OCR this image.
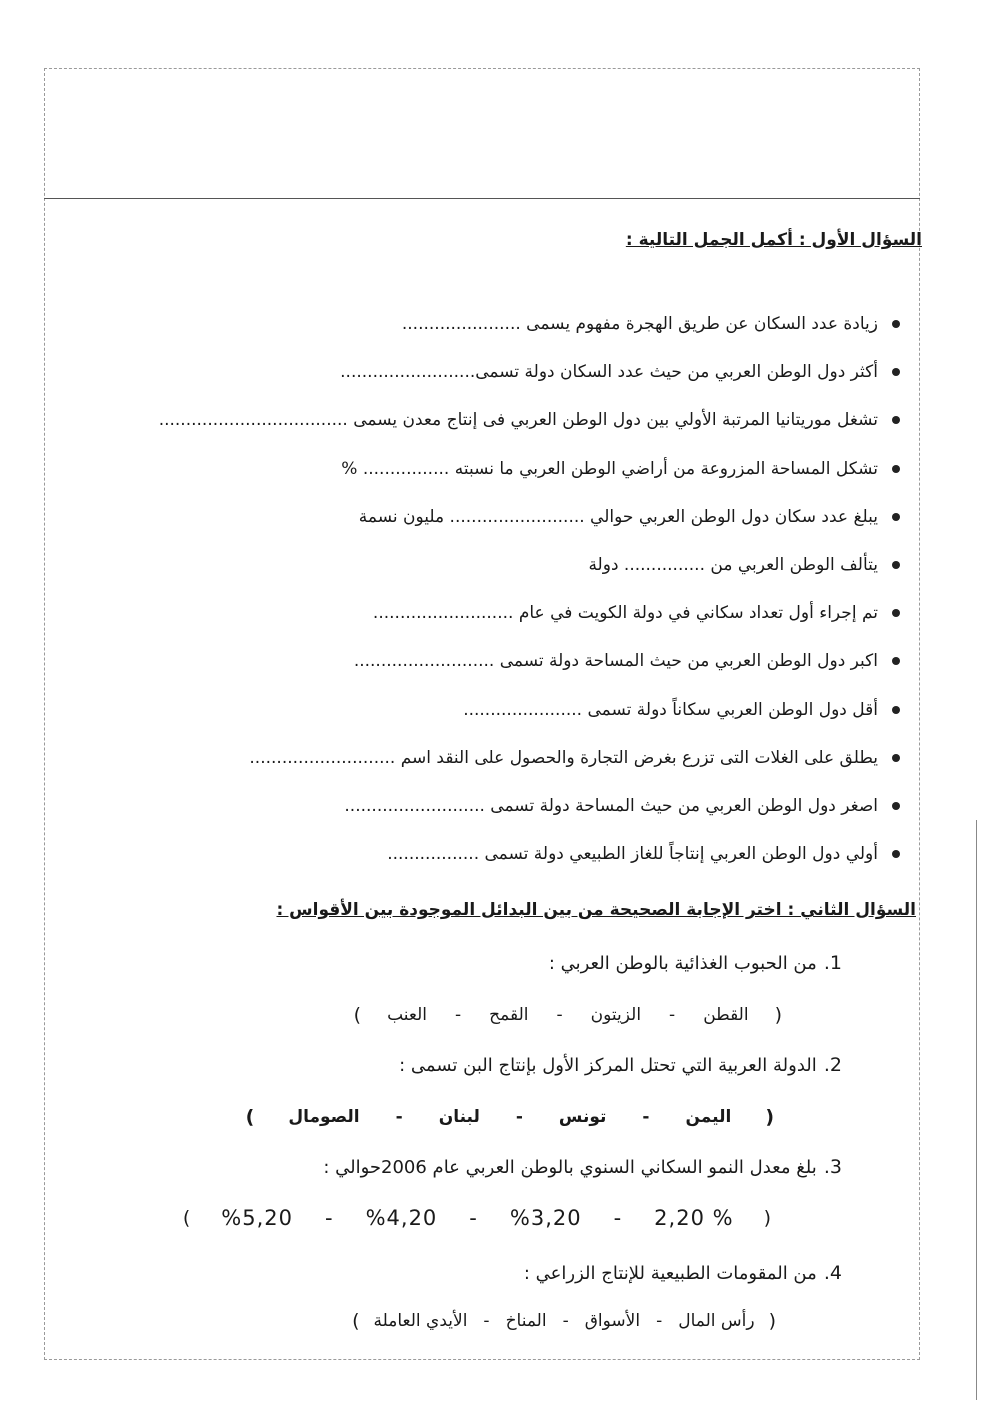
السؤال الأول : أكمل الجمل التالية :
زيادة عدد السكان عن طريق الهجرة مفهوم يسمى ......................
أكثر دول الوطن العربي من حيث عدد السكان دولة تسمى.........................
تشغل موريتانيا المرتبة الأولي بين دول الوطن العربي فى إنتاج معدن يسمى ...................................
تشكل المساحة المزروعة من أراضي الوطن العربي ما نسبته ................ %
يبلغ عدد سكان دول الوطن العربي حوالي ......................... مليون نسمة
يتألف الوطن العربي من ............... دولة
تم إجراء أول تعداد سكاني في دولة الكويت في عام ..........................
اكبر دول الوطن العربي من حيث المساحة دولة تسمى ..........................
أقل دول الوطن العربي سكاناً دولة تسمى ......................
يطلق على الغلات التى تزرع بغرض التجارة والحصول على النقد اسم ...........................
اصغر دول الوطن العربي من حيث المساحة دولة تسمى ..........................
أولي دول الوطن العربي إنتاجاً للغاز الطبيعي دولة تسمى .................
السؤال الثاني : اختر الإجابة الصحيحة من بين البدائل الموجودة بين الأقواس :
1. من الحبوب الغذائية بالوطن العربي :
(
القطن
-
الزيتون
-
القمح
-
العنب
)
2. الدولة العربية التي تحتل المركز الأول بإنتاج البن تسمى :
(
اليمن
-
تونس
-
لبنان
-
الصومال
)
3. بلغ معدل النمو السكاني السنوي بالوطن العربي عام 2006حوالي :
(
% 2,20
-
%3,20
-
%4,20
-
%5,20
)
4. من المقومات الطبيعية للإنتاج الزراعي :
(
رأس المال
-
الأسواق
-
المناخ
-
الأيدي العاملة
)
